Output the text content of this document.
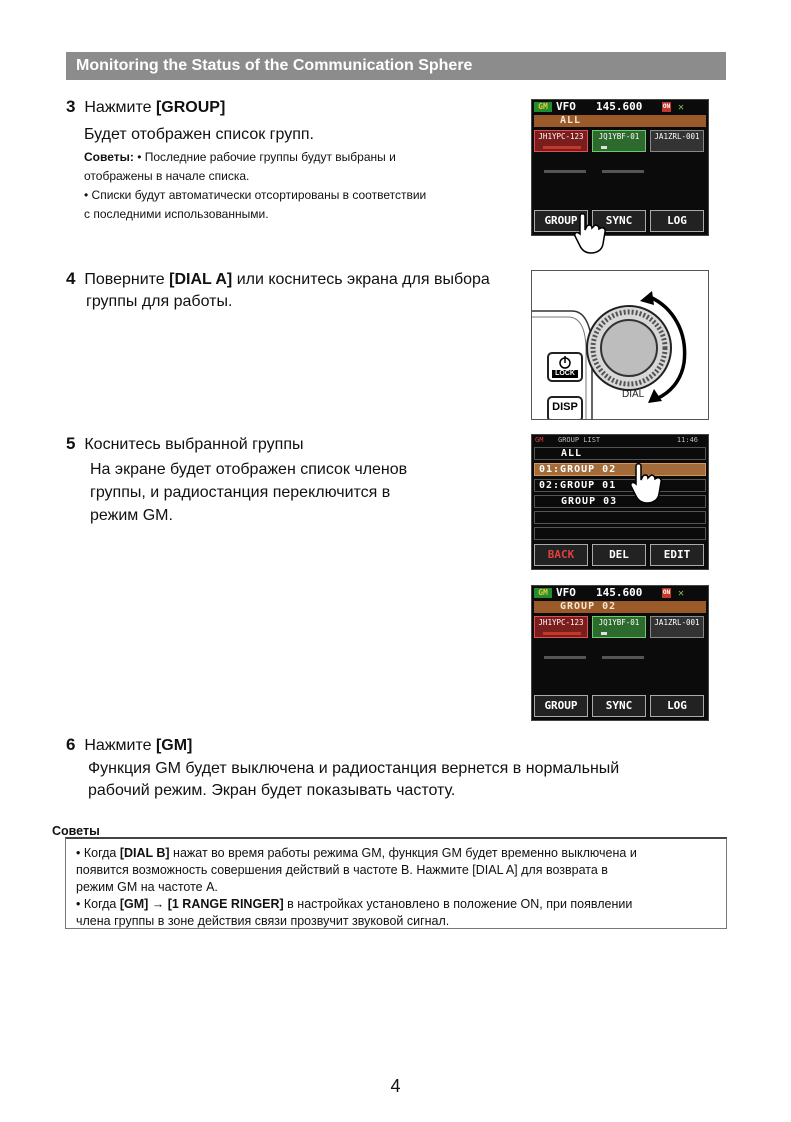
Monitoring the Status of the Communication Sphere
3 Нажмите [GROUP]
Будет отображен список групп.
Советы: • Последние рабочие группы будут выбраны и
отображены в начале списка.
• Списки будут автоматически отсортированы в соответствии
с последними использованными.
GM VFO 145.600	ON ✕
ALL
JH1YPC-123	JQ1YBF-01	JA1ZRL-001
GROUP	SYNC	LOG
4 Поверните [DIAL A] или коснитесь экрана для выбора
группы для работы.
LOCK
DISP
DIAL
5 Коснитесь выбранной группы
На экране будет отображен список членов
группы, и радиостанция переключится в
режим GM.
GM GROUP LIST	11:46
ALL
01:GROUP 02
02:GROUP 01
GROUP 03
BACK	DEL	EDIT
GM VFO 145.600	ON ✕
GROUP 02
JH1YPC-123	JQ1YBF-01	JA1ZRL-001
GROUP	SYNC	LOG
6 Нажмите [GM]
Функция GM будет выключена и радиостанция вернется в нормальный
рабочий режим. Экран будет показывать частоту.
Советы

• Когда [DIAL B] нажат во время работы режима GM, функция GM будет временно выключена и

появится возможность совершения действий в частоте B. Нажмите [DIAL A] для возврата в

режим GM на частоте A.

• Когда [GM] → [1 RANGE RINGER] в настройках установлено в положение ON, при появлении

члена группы в зоне действия связи прозвучит звуковой сигнал.

4
